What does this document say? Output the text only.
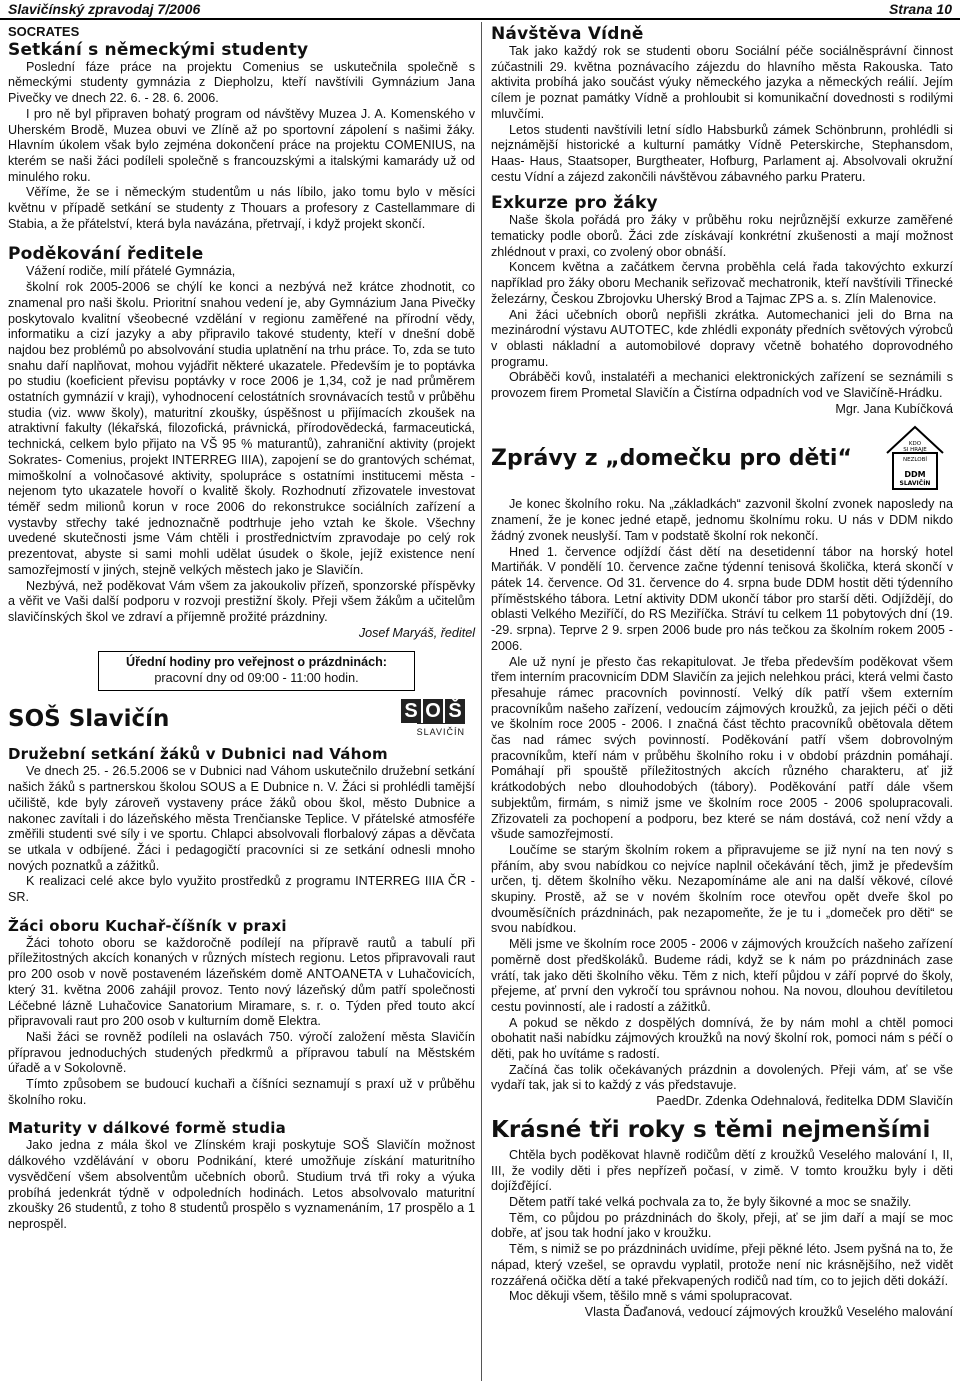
Slavičínský zpravodaj 7/2006	Strana 10

SOCRATES

Setkání s německými studenty

Poslední fáze práce na projektu Comenius se uskutečnila společně s německými studenty gymnázia z Diepholzu, kteří navštívili Gymnázium Jana Pivečky ve dnech 22. 6. - 28. 6. 2006.

I pro ně byl připraven bohatý program od návštěvy Muzea J. A. Komenského v Uherském Brodě, Muzea obuvi ve Zlíně až po sportovní zápolení s našimi žáky. Hlavním úkolem však bylo zejména dokončení práce na projektu COMENIUS, na kterém se naši žáci podíleli společně s francouzskými a italskými kamarády už od minulého roku.

Věříme, že se i německým studentům u nás líbilo, jako tomu bylo v měsíci květnu v případě setkání se studenty z Thouars a profesory z Castellammare di Stabia, a že přátelství, která byla navázána, přetrvají, i když projekt skončí.

Poděkování ředitele

Vážení rodiče, milí přátelé Gymnázia,

školní rok 2005-2006 se chýlí ke konci a nezbývá než krátce zhodnotit, co znamenal pro naši školu. Prioritní snahou vedení je, aby Gymnázium Jana Pivečky poskytovalo kvalitní všeobecné vzdělání v regionu zaměřené na přírodní vědy, informatiku a cizí jazyky a aby připravilo takové studenty, kteří v dnešní době najdou bez problémů po absolvování studia uplatnění na trhu práce. To, zda se tuto snahu daří naplňovat, mohou vyjádřit některé ukazatele. Především je to poptávka po studiu (koeficient převisu poptávky v roce 2006 je 1,34, což je nad průměrem ostatních gymnázií v kraji), vyhodnocení celostátních srovnávacích testů v průběhu studia (viz. www školy), maturitní zkoušky, úspěšnost u přijímacích zkoušek na atraktivní fakulty (lékařská, filozofická, právnická, přírodovědecká, farmaceutická, technická, celkem bylo přijato na VŠ 95 % maturantů), zahraniční aktivity (projekt Sokrates- Comenius, projekt INTERREG IIIA), zapojení se do grantových schémat, mimoškolní a volnočasové aktivity, spolupráce s ostatními institucemi města - nejenom tyto ukazatele hovoří o kvalitě školy. Rozhodnutí zřizovatele investovat téměř sedm milionů korun v roce 2006 do rekonstrukce sociálních zařízení a vystavby střechy také jednoznačně podtrhuje jeho vztah ke škole. Všechny uvedené skutečnosti jsme Vám chtěli i prostřednictvím zpravodaje po celý rok prezentovat, abyste si sami mohli udělat úsudek o škole, jejíž existence není samozřejmostí v jiných, stejně velkých městech jako je Slavičín.

Nezbývá, než poděkovat Vám všem za jakoukoliv přízeň, sponzorské příspěvky a věřit ve Vaši další podporu v rozvoji prestižní školy. Přeji všem žákům a učitelům slavičínských škol ve zdraví a příjemně prožité prázdniny.

Josef Maryáš, ředitel

Úřední hodiny pro veřejnost o prázdninách:

pracovní dny od 09:00 - 11:00 hodin.

SOŠ Slavičín	S O Š
SLAVIČÍN
Družební setkání žáků v Dubnici nad Váhom

Ve dnech 25. - 26.5.2006 se v Dubnici nad Váhom uskutečnilo družební setkání našich žáků s partnerskou školou SOUS a E Dubnice n. V. Žáci si prohlédli tamější učiliště, kde byly zároveň vystaveny práce žáků obou škol, město Dubnice a nakonec zavítali i do lázeňského města Trenčianske Teplice. V přátelské atmosféře změřili studenti své síly i ve sportu. Chlapci absolvovali florbalový zápas a děvčata se utkala v odbíjené. Žáci i pedagogičtí pracovníci si ze setkání odnesli mnoho nových poznatků a zážitků.

K realizaci celé akce bylo využito prostředků z programu INTERREG IIIA ČR - SR.

Žáci oboru Kuchař-číšník v praxi

Žáci tohoto oboru se každoročně podílejí na přípravě rautů a tabulí při příležitostných akcích konaných v různých místech regionu. Letos připravovali raut pro 200 osob v nově postaveném lázeňském domě ANTOANETA v Luhačovicích, který 31. května 2006 zahájil provoz. Tento nový lázeňský dům patří společnosti Léčebné lázně Luhačovice Sanatorium Miramare, s. r. o. Týden před touto akcí připravovali raut pro 200 osob v kulturním domě Elektra.

Naši žáci se rovněž podíleli na oslavách 750. výročí založení města Slavičín přípravou jednoduchých studených předkrmů a přípravou tabulí na Městském úřadě a v Sokolovně.

Tímto způsobem se budoucí kuchaři a číšníci seznamují s praxí už v průběhu školního roku.

Maturity v dálkové formě studia

Jako jedna z mála škol ve Zlínském kraji poskytuje SOŠ Slavičín možnost dálkového vzdělávání v oboru Podnikání, které umožňuje získání maturitního vysvědčení všem absolventům učebních oborů. Studium trvá tři roky a výuka probíhá jedenkrát týdně v odpoledních hodinách. Letos absolvovalo maturitní zkoušky 26 studentů, z toho 8 studentů prospělo s vyznamenáním, 17 prospělo a 1 neprospěl.

Návštěva Vídně

Tak jako každý rok se studenti oboru Sociální péče sociálněsprávní činnost zúčastnili 29. května poznávacího zájezdu do hlavního města Rakouska. Tato aktivita probíhá jako součást výuky německého jazyka a německých reálií. Jejím cílem je poznat památky Vídně a prohloubit si komunikační dovednosti s rodilými mluvčími.

Letos studenti navštívili letní sídlo Habsburků zámek Schönbrunn, prohlédli si nejznámější historické a kulturní památky Vídně Peterskirche, Stephansdom, Haas- Haus, Staatsoper, Burgtheater, Hofburg, Parlament aj. Absolvovali okružní cestu Vídní a zájezd zakončili návštěvou zábavného parku Prateru.

Exkurze pro žáky

Naše škola pořádá pro žáky v průběhu roku nejrůznější exkurze zaměřené tematicky podle oborů. Žáci zde získávají konkrétní zkušenosti a mají možnost zhlédnout v praxi, co zvolený obor obnáší.

Koncem května a začátkem června proběhla celá řada takovýchto exkurzí například pro žáky oboru Mechanik seřizovač mechatronik, kteří navštívili Třinecké železárny, Českou Zbrojovku Uherský Brod a Tajmac ZPS a. s. Zlín Malenovice.

Ani žáci učebních oborů nepřišli zkrátka. Automechanici jeli do Brna na mezinárodní výstavu AUTOTEC, kde zhlédli exponáty předních světových výrobců v oblasti nákladní a automobilové dopravy včetně bohatého doprovodného programu.

Obráběči kovů, instalatéři a mechanici elektronických zařízení se seznámili s provozem firem Prometal Slavičín a Čistírna odpadních vod ve Slavičíně-Hrádku.

Mgr. Jana Kubíčková

Zprávy z „domečku pro děti“
KDO
SI HRAJE
NEZLOBÍ
DDM
SLAVIČÍN

Je konec školního roku. Na „základkách“ zazvonil školní zvonek naposledy na znamení, že je konec jedné etapě, jednomu školnímu roku. U nás v DDM nikdo žádný zvonek neuslyší. Tam v podstatě školní rok nekončí.

Hned 1. července odjíždí část dětí na desetidenní tábor na horský hotel Martiňák. V pondělí 10. července začne týdenní tenisová školička, která skončí v pátek 14. července. Od 31. července do 4. srpna bude DDM hostit děti týdenního příměstského tábora. Letní aktivity DDM ukončí tábor pro starší děti. Odjíždějí, do oblasti Velkého Meziříčí, do RS Meziříčka. Stráví tu celkem 11 pobytových dní (19. -29. srpna). Teprve 2 9. srpen 2006 bude pro nás tečkou za školním rokem 2005 - 2006.

Ale už nyní je přesto čas rekapitulovat. Je třeba především poděkovat všem třem interním pracovnicím DDM Slavičín za jejich nelehkou práci, která velmi často přesahuje rámec pracovních povinností. Velký dík patří všem externím pracovníkům našeho zařízení, vedoucím zájmových kroužků, za jejich péči o děti ve školním roce 2005 - 2006. I značná část těchto pracovníků obětovala dětem čas nad rámec svých povinností. Poděkování patří všem dobrovolným pracovníkům, kteří nám v průběhu školního roku i v období prázdnin pomáhají. Pomáhají při spouště příležitostných akcích různého charakteru, ať již krátkodobých nebo dlouhodobých (tábory). Poděkování patří dále všem subjektům, firmám, s nimiž jsme ve školním roce 2005 - 2006 spolupracovali. Zřizovateli za pochopení a podporu, bez které se nám dostává, což není vždy a všude samozřejmostí.

Loučíme se starým školním rokem a připravujeme se již nyní na ten nový s přáním, aby svou nabídkou co nejvíce naplnil očekávání těch, jimž je především určen, tj. dětem školního věku. Nezapomínáme ale ani na další věkové, cílové skupiny. Prostě, až se v novém školním roce otevřou opět dveře škol po dvouměsíčních prázdninách, pak nezapomeňte, že je tu i „domeček pro děti“ se svou nabídkou.

Měli jsme ve školním roce 2005 - 2006 v zájmových kroužcích našeho zařízení poměrně dost předškoláků. Budeme rádi, když se k nám po prázdninách zase vrátí, tak jako děti školního věku. Těm z nich, kteří půjdou v září poprvé do školy, přejeme, ať první den vykročí tou správnou nohou. Na novou, dlouhou devítiletou cestu povinností, ale i radostí a zážitků.

A pokud se někdo z dospělých domnívá, že by nám mohl a chtěl pomoci obohatit naši nabídku zájmových kroužků na nový školní rok, pomoci nám s péčí o děti, pak ho uvítáme s radostí.

Začíná čas tolik očekávaných prázdnin a dovolených. Přeji vám, ať se vše vydaří tak, jak si to každý z vás představuje.

PaedDr. Zdenka Odehnalová, ředitelka DDM Slavičín

Krásné tři roky s těmi nejmenšími

Chtěla bych poděkovat hlavně rodičům dětí z kroužků Veselého malování I, II, III, že vodily děti i přes nepřízeň počasí, v zimě. V tomto kroužku byly i děti dojížďějící.

Dětem patří také velká pochvala za to, že byly šikovné a moc se snažily.

Těm, co půjdou po prázdninách do školy, přeji, ať se jim daří a mají se moc dobře, ať jsou tak hodní jako v kroužku.

Těm, s nimiž se po prázdninách uvidíme, přeji pěkné léto. Jsem pyšná na to, že nápad, který vzešel, se opravdu vyplatil, protože není nic krásnějšího, než vidět rozzářená očička dětí a také překvapených rodičů nad tím, co to jejich děti dokáží.

Moc děkuji všem, těšilo mně s vámi spolupracovat.

Vlasta Ďaďanová, vedoucí zájmových kroužků Veselého malování
